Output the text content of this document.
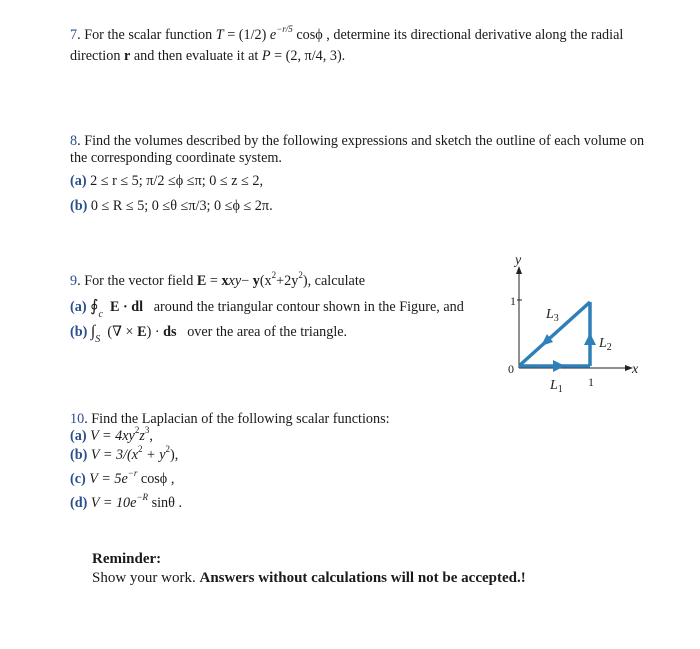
7. For the scalar function T = (1/2) $e^{-r/5}$ cosϕ , determine its directional derivative along the radial
direction r and then evaluate it at P = (2, π/4, 3).
8. Find the volumes described by the following expressions and sketch the outline of each volume on
the corresponding coordinate system.
(a) 2 ≤ r ≤ 5; π/2 ≤ϕ ≤π; 0 ≤ z ≤ 2,
(b) 0 ≤ R ≤ 5; 0 ≤θ ≤π/3; 0 ≤ϕ ≤ 2π.
9. For the vector field $E = xxy- y(x^2+2y^2)$, calculate
(a) $∮_c$ E · dl around the triangular contour shown in the Figure, and
(b) $\int_S$ (∇ × E) · ds over the area of the triangle.
y
x
0
1
1
$L_3$
$L_2$
$L_1$
10. Find the Laplacian of the following scalar functions:
(a) $V = 4xy^2z^3$,
(b) $V = 3/(x^2 + y^2)$,
(c) $V = 5e^{-r}$ cosϕ ,
(d) $V = 10e^{-R}$ sinθ .
Reminder:
Show your work. Answers without calculations will not be accepted.!
